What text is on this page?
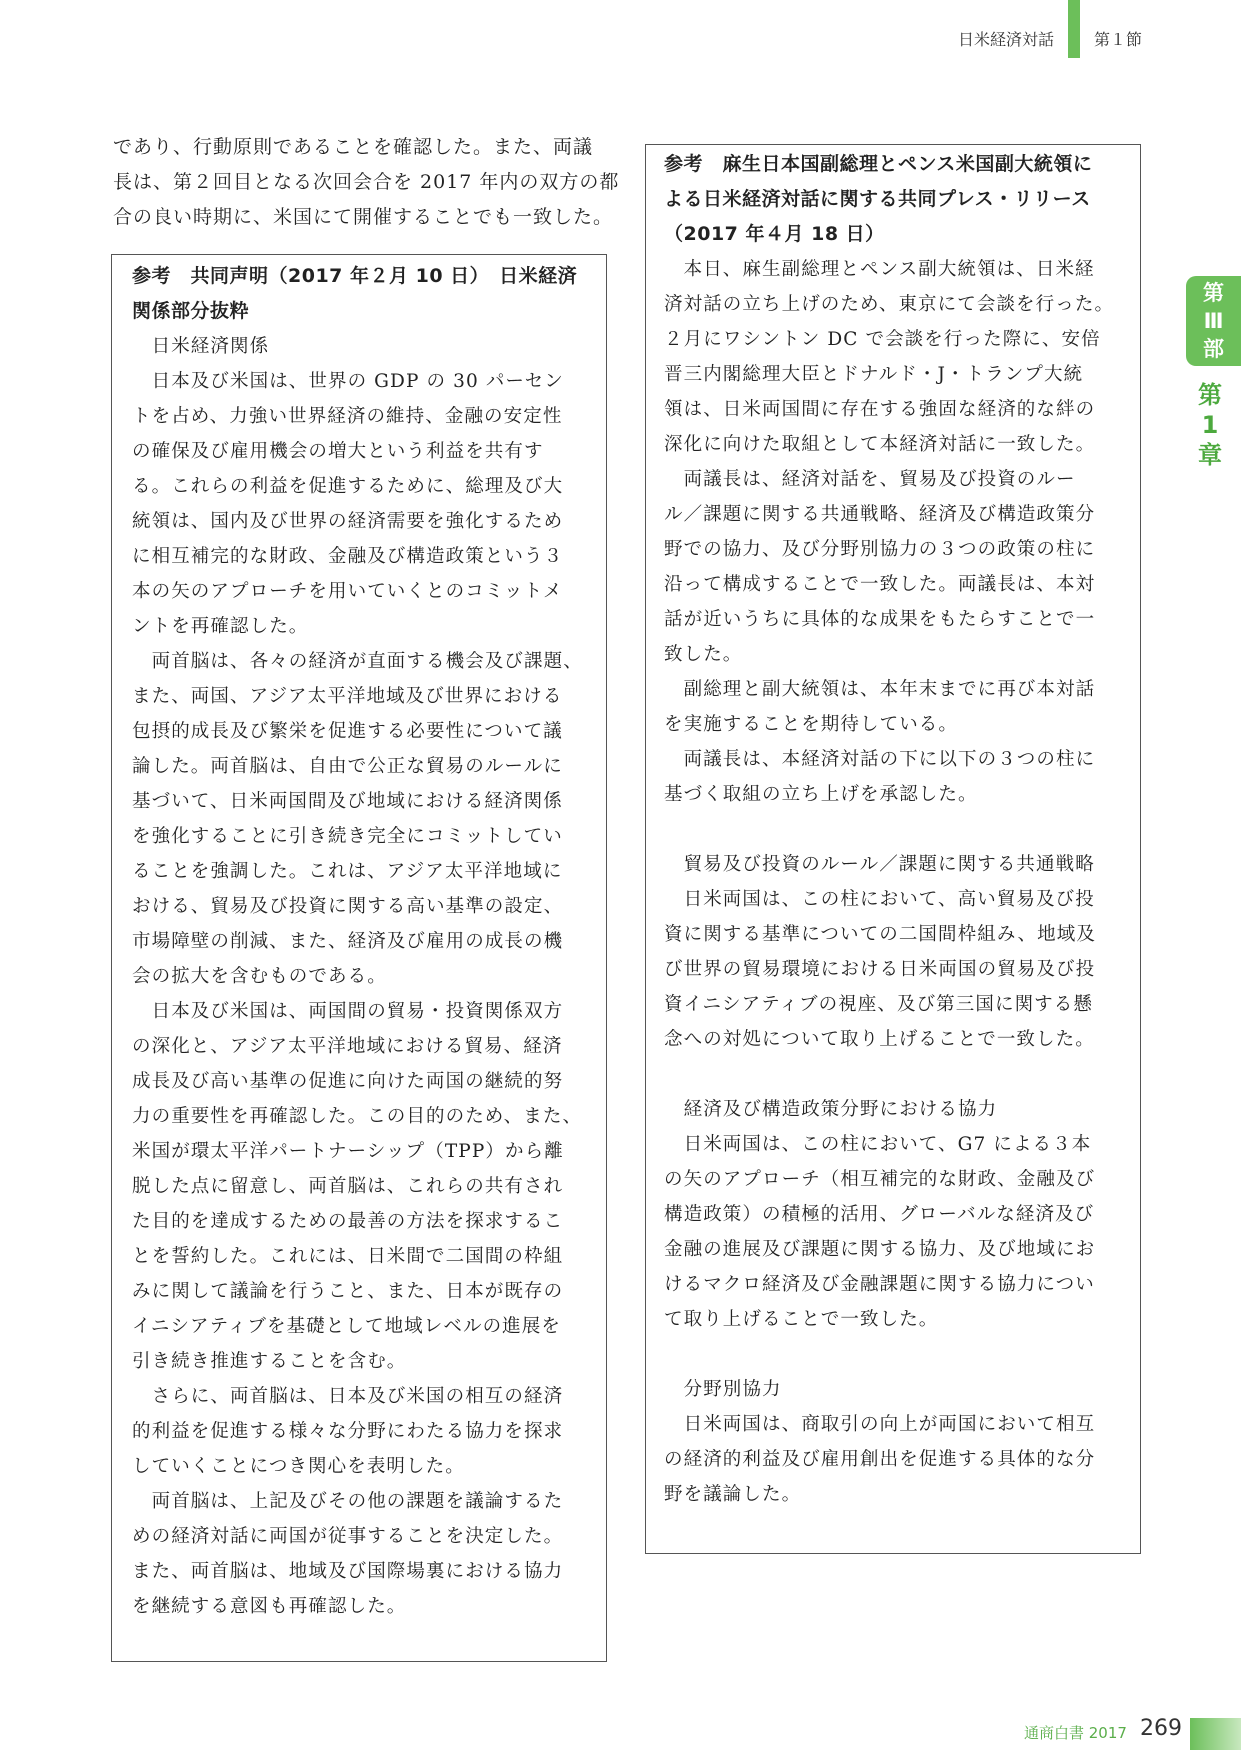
日米経済対話 第１節
第
Ⅲ
部
第
1
章
であり、行動原則であることを確認した。また、両議
長は、第２回目となる次回会合を 2017 年内の双方の都
合の良い時期に、米国にて開催することでも一致した。
参考　共同声明（2017 年２月 10 日）　日米経済
関係部分抜粋
　日米経済関係
　日本及び米国は、世界の GDP の 30 パーセン
トを占め、力強い世界経済の維持、金融の安定性
の確保及び雇用機会の増大という利益を共有す
る。これらの利益を促進するために、総理及び大
統領は、国内及び世界の経済需要を強化するため
に相互補完的な財政、金融及び構造政策という３
本の矢のアプローチを用いていくとのコミットメ
ントを再確認した。
　両首脳は、各々の経済が直面する機会及び課題、
また、両国、アジア太平洋地域及び世界における
包摂的成長及び繁栄を促進する必要性について議
論した。両首脳は、自由で公正な貿易のルールに
基づいて、日米両国間及び地域における経済関係
を強化することに引き続き完全にコミットしてい
ることを強調した。これは、アジア太平洋地域に
おける、貿易及び投資に関する高い基準の設定、
市場障壁の削減、また、経済及び雇用の成長の機
会の拡大を含むものである。
　日本及び米国は、両国間の貿易・投資関係双方
の深化と、アジア太平洋地域における貿易、経済
成長及び高い基準の促進に向けた両国の継続的努
力の重要性を再確認した。この目的のため、また、
米国が環太平洋パートナーシップ（TPP）から離
脱した点に留意し、両首脳は、これらの共有され
た目的を達成するための最善の方法を探求するこ
とを誓約した。これには、日米間で二国間の枠組
みに関して議論を行うこと、また、日本が既存の
イニシアティブを基礎として地域レベルの進展を
引き続き推進することを含む。
　さらに、両首脳は、日本及び米国の相互の経済
的利益を促進する様々な分野にわたる協力を探求
していくことにつき関心を表明した。
　両首脳は、上記及びその他の課題を議論するた
めの経済対話に両国が従事することを決定した。
また、両首脳は、地域及び国際場裏における協力
を継続する意図も再確認した。
参考　麻生日本国副総理とペンス米国副大統領に
よる日米経済対話に関する共同プレス・リリース
（2017 年４月 18 日）
　本日、麻生副総理とペンス副大統領は、日米経
済対話の立ち上げのため、東京にて会談を行った。
２月にワシントン DC で会談を行った際に、安倍
晋三内閣総理大臣とドナルド・J・トランプ大統
領は、日米両国間に存在する強固な経済的な絆の
深化に向けた取組として本経済対話に一致した。
　両議長は、経済対話を、貿易及び投資のルー
ル／課題に関する共通戦略、経済及び構造政策分
野での協力、及び分野別協力の３つの政策の柱に
沿って構成することで一致した。両議長は、本対
話が近いうちに具体的な成果をもたらすことで一
致した。
　副総理と副大統領は、本年末までに再び本対話
を実施することを期待している。
　両議長は、本経済対話の下に以下の３つの柱に
基づく取組の立ち上げを承認した。
　貿易及び投資のルール／課題に関する共通戦略
　日米両国は、この柱において、高い貿易及び投
資に関する基準についての二国間枠組み、地域及
び世界の貿易環境における日米両国の貿易及び投
資イニシアティブの視座、及び第三国に関する懸
念への対処について取り上げることで一致した。
　経済及び構造政策分野における協力
　日米両国は、この柱において、G7 による３本
の矢のアプローチ（相互補完的な財政、金融及び
構造政策）の積極的活用、グローバルな経済及び
金融の進展及び課題に関する協力、及び地域にお
けるマクロ経済及び金融課題に関する協力につい
て取り上げることで一致した。
　分野別協力
　日米両国は、商取引の向上が両国において相互
の経済的利益及び雇用創出を促進する具体的な分
野を議論した。
通商白書 2017 269
